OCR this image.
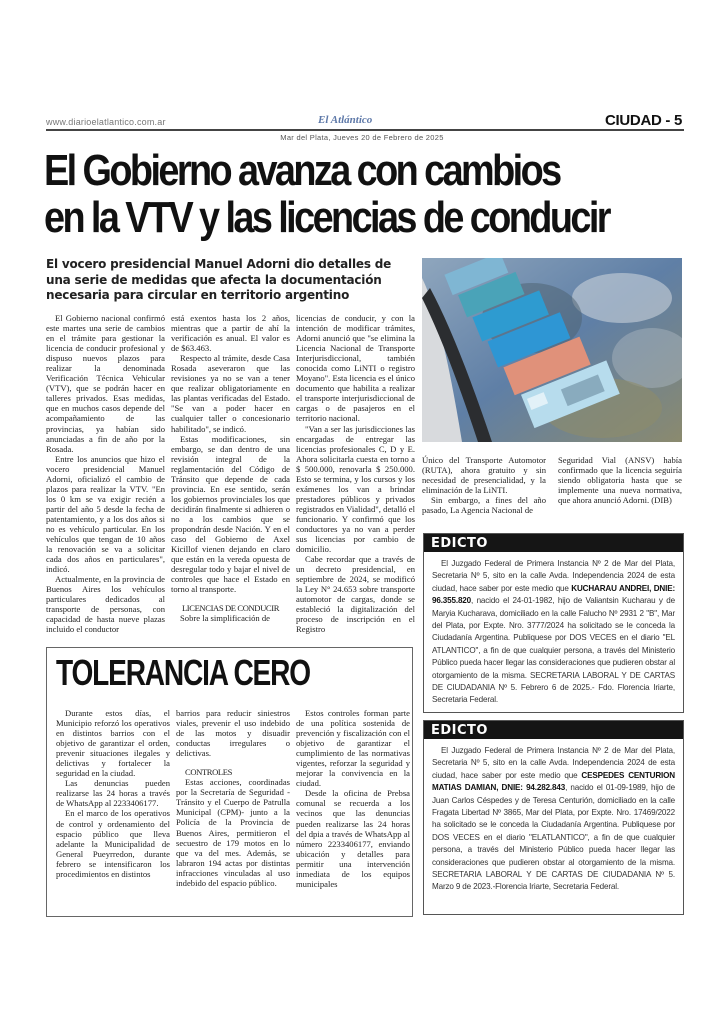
www.diarioelatlantico.com.ar	El Atlántico	CIUDAD - 5
Mar del Plata, Jueves 20 de Febrero de 2025
El Gobierno avanza con cambios
en la VTV y las licencias de conducir
El vocero presidencial Manuel Adorni dio detalles de una serie de medidas que afecta la documentación necesaria para circular en territorio argentino

El Gobierno nacional confirmó este martes una serie de cambios en el trámite para gestionar la licencia de conducir profesional y dispuso nuevos plazos para realizar la denominada Verificación Técnica Vehicular (VTV), que se podrán hacer en talleres privados. Esas medidas, que en muchos casos depende del acompañamiento de las provincias, ya habían sido anunciadas a fin de año por la Rosada.

Entre los anuncios que hizo el vocero presidencial Manuel Adorni, oficializó el cambio de plazos para realizar la VTV. "En los 0 km se va exigir recién a partir del año 5 desde la fecha de patentamiento, y a los dos años si no es vehículo particular. En los vehículos que tengan de 10 años la renovación se va a solicitar cada dos años en particulares", indicó.

Actualmente, en la provincia de Buenos Aires los vehículos particulares dedicados al transporte de personas, con capacidad de hasta nueve plazas incluido el conductor

está exentos hasta los 2 años, mientras que a partir de ahí la verificación es anual. El valor es de $63.463.

Respecto al trámite, desde Casa Rosada aseveraron que las revisiones ya no se van a tener que realizar obligatoriamente en las plantas verificadas del Estado. "Se van a poder hacer en cualquier taller o concesionario habilitado", se indicó.

Estas modificaciones, sin embargo, se dan dentro de una revisión integral de la reglamentación del Código de Tránsito que depende de cada provincia. En ese sentido, serán los gobiernos provinciales los que decidirán finalmente si adhieren o no a los cambios que se propondrán desde Nación. Y en el caso del Gobierno de Axel Kicillof vienen dejando en claro que están en la vereda opuesta de desregular todo y bajar el nivel de controles que hace el Estado en torno al transporte.

LICENCIAS DE CONDUCIR

Sobre la simplificación de

licencias de conducir, y con la intención de modificar trámites, Adorni anunció que "se elimina la Licencia Nacional de Transporte Interjurisdiccional, también conocida como LiNTI o registro Moyano". Esta licencia es el único documento que habilita a realizar el transporte interjurisdiccional de cargas o de pasajeros en el territorio nacional.

"Van a ser las jurisdicciones las encargadas de entregar las licencias profesionales C, D y E. Ahora solicitarla cuesta en torno a $ 500.000, renovarla $ 250.000. Esto se termina, y los cursos y los exámenes los van a brindar prestadores públicos y privados registrados en Vialidad", detalló el funcionario. Y confirmó que los conductores ya no van a perder sus licencias por cambio de domicilio.

Cabe recordar que a través de un decreto presidencial, en septiembre de 2024, se modificó la Ley N° 24.653 sobre transporte automotor de cargas, donde se estableció la digitalización del proceso de inscripción en el Registro

Único del Transporte Automotor (RUTA), ahora gratuito y sin necesidad de presencialidad, y la eliminación de la LiNTI.

Sin embargo, a fines del año pasado, La Agencia Nacional de

Seguridad Vial (ANSV) había confirmado que la licencia seguiría siendo obligatoria hasta que se implemente una nueva normativa, que ahora anunció Adorni. (DIB)

EDICTO
El Juzgado Federal de Primera Instancia Nº 2 de Mar del Plata, Secretaria Nº 5, sito en la calle Avda. Independencia 2024 de esta ciudad, hace saber por este medio que KUCHARAU ANDREI, DNIE: 96.355.820, nacido el 24-01-1982, hijo de Valiantsin Kucharau y de Maryia Kucharava, domiciliado en la calle Falucho Nº 2931 2 "B", Mar del Plata, por Expte. Nro. 3777/2024 ha solicitado se le conceda la Ciudadanía Argentina. Publiquese por DOS VECES en el diario "EL ATLANTICO", a fin de que cualquier persona, a través del Ministerio Público pueda hacer llegar las consideraciones que pudieren obstar al otorgamiento de la misma. SECRETARIA LABORAL Y DE CARTAS DE CIUDADANIA Nº 5. Febrero 6 de 2025.- Fdo. Florencia Iriarte, Secretaria Federal.
EDICTO
El Juzgado Federal de Primera Instancia Nº 2 de Mar del Plata, Secretaria Nº 5, sito en la calle Avda. Independencia 2024 de esta ciudad, hace saber por este medio que CESPEDES CENTURION MATIAS DAMIAN, DNIE: 94.282.843, nacido el 01-09-1989, hijo de Juan Carlos Céspedes y de Teresa Centurión, domiciliado en la calle Fragata Libertad Nº 3865, Mar del Plata, por Expte. Nro. 17469/2022 ha solicitado se le conceda la Ciudadanía Argentina. Publiquese por DOS VECES en el diario "ELATLANTICO", a fin de que cualquier persona, a través del Ministerio Público pueda hacer llegar las consideraciones que pudieren obstar al otorgamiento de la misma. SECRETARIA LABORAL Y DE CARTAS DE CIUDADANIA Nº 5. Marzo 9 de 2023.-Florencia Iriarte, Secretaria Federal.
TOLERANCIA CERO

Durante estos días, el Municipio reforzó los operativos en distintos barrios con el objetivo de garantizar el orden, prevenir situaciones ilegales y delictivas y fortalecer la seguridad en la ciudad.

Las denuncias pueden realizarse las 24 horas a través de WhatsApp al 2233406177.

En el marco de los operativos de control y ordenamiento del espacio público que lleva adelante la Municipalidad de General Pueyrredon, durante febrero se intensificaron los procedimientos en distintos

barrios para reducir siniestros viales, prevenir el uso indebido de las motos y disuadir conductas irregulares o delictivas.

CONTROLES

Estas acciones, coordinadas por la Secretaría de Seguridad -Tránsito y el Cuerpo de Patrulla Municipal (CPM)- junto a la Policía de la Provincia de Buenos Aires, permitieron el secuestro de 179 motos en lo que va del mes. Además, se labraron 194 actas por distintas infracciones vinculadas al uso indebido del espacio público.

Estos controles forman parte de una política sostenida de prevención y fiscalización con el objetivo de garantizar el cumplimiento de las normativas vigentes, reforzar la seguridad y mejorar la convivencia en la ciudad.

Desde la oficina de Prebsa comunal se recuerda a los vecinos que las denuncias pueden realizarse las 24 horas del dpia a través de WhatsApp al número 2233406177, enviando ubicación y detalles para permitir una intervención inmediata de los equipos municipales
